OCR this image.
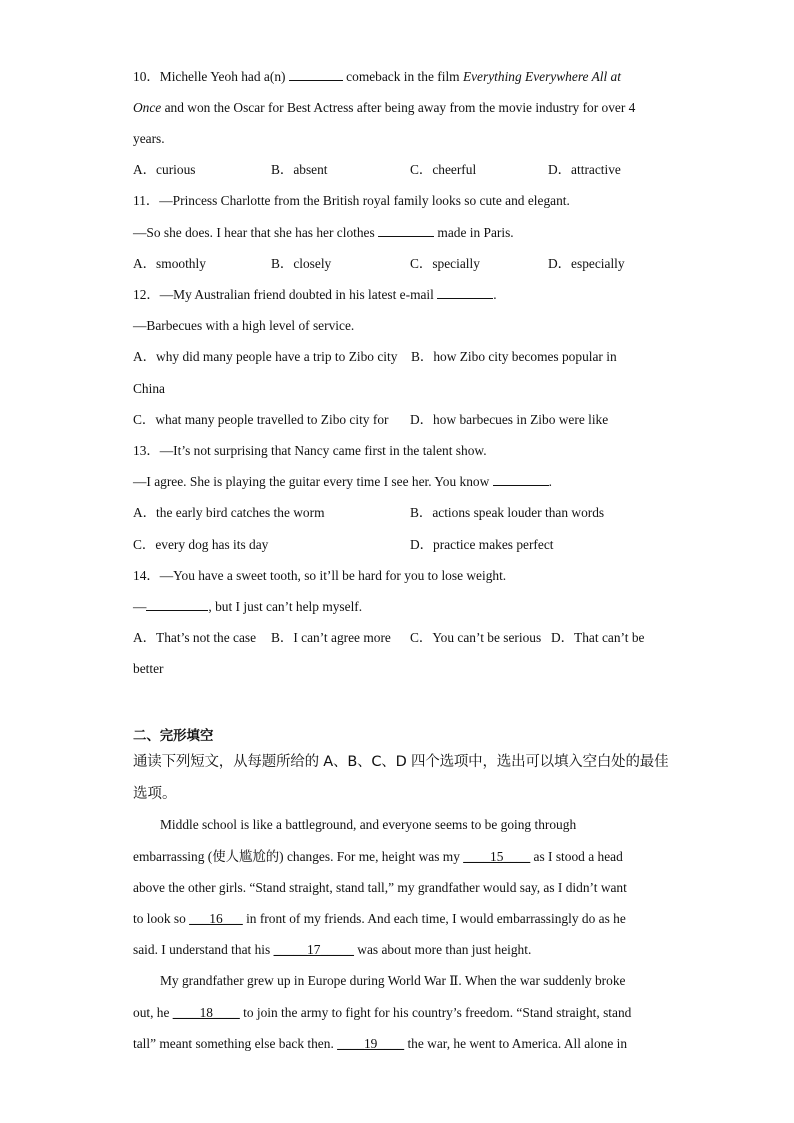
10．Michelle Yeoh had a(n)	comeback in the film Everything Everywhere All at
Once and won the Oscar for Best Actress after being away from the movie industry for over 4
years.
A．curious	B．absent	C．cheerful	D．attractive
11．—Princess Charlotte from the British royal family looks so cute and elegant.
—So she does. I hear that she has her clothes	made in Paris.
A．smoothly	B．closely	C．specially	D．especially
12．—My Australian friend doubted in his latest e-mail	.
—Barbecues with a high level of service.
A．why did many people have a trip to Zibo city B．how Zibo city becomes popular in
China
C．what many people travelled to Zibo city for D．how barbecues in Zibo were like
13．—It’s not surprising that Nancy came first in the talent show.
—I agree. She is playing the guitar every time I see her. You know	.
A．the early bird catches the worm	B．actions speak louder than words
C．every dog has its day	D．practice makes perfect
14．—You have a sweet tooth, so it’ll be hard for you to lose weight.
—	, but I just can’t help myself.
A．That’s not the case B．I can’t agree more C．You can’t be serious D．That can’t be
better
二、完形填空
通读下列短文，从每题所给的 A、B、C、D 四个选项中，选出可以填入空白处的最佳
选项。
Middle school is like a battleground, and everyone seems to be going through
embarrassing (使人尴尬的) changes. For me, height was my ____15____ as I stood a head
above the other girls. “Stand straight, stand tall,” my grandfather would say, as I didn’t want
to look so ___16___ in front of my friends. And each time, I would embarrassingly do as he
said. I understand that his _____17_____ was about more than just height.
My grandfather grew up in Europe during World War Ⅱ. When the war suddenly broke
out, he ____18____ to join the army to fight for his country’s freedom. “Stand straight, stand
tall” meant something else back then. ____19____ the war, he went to America. All alone in
